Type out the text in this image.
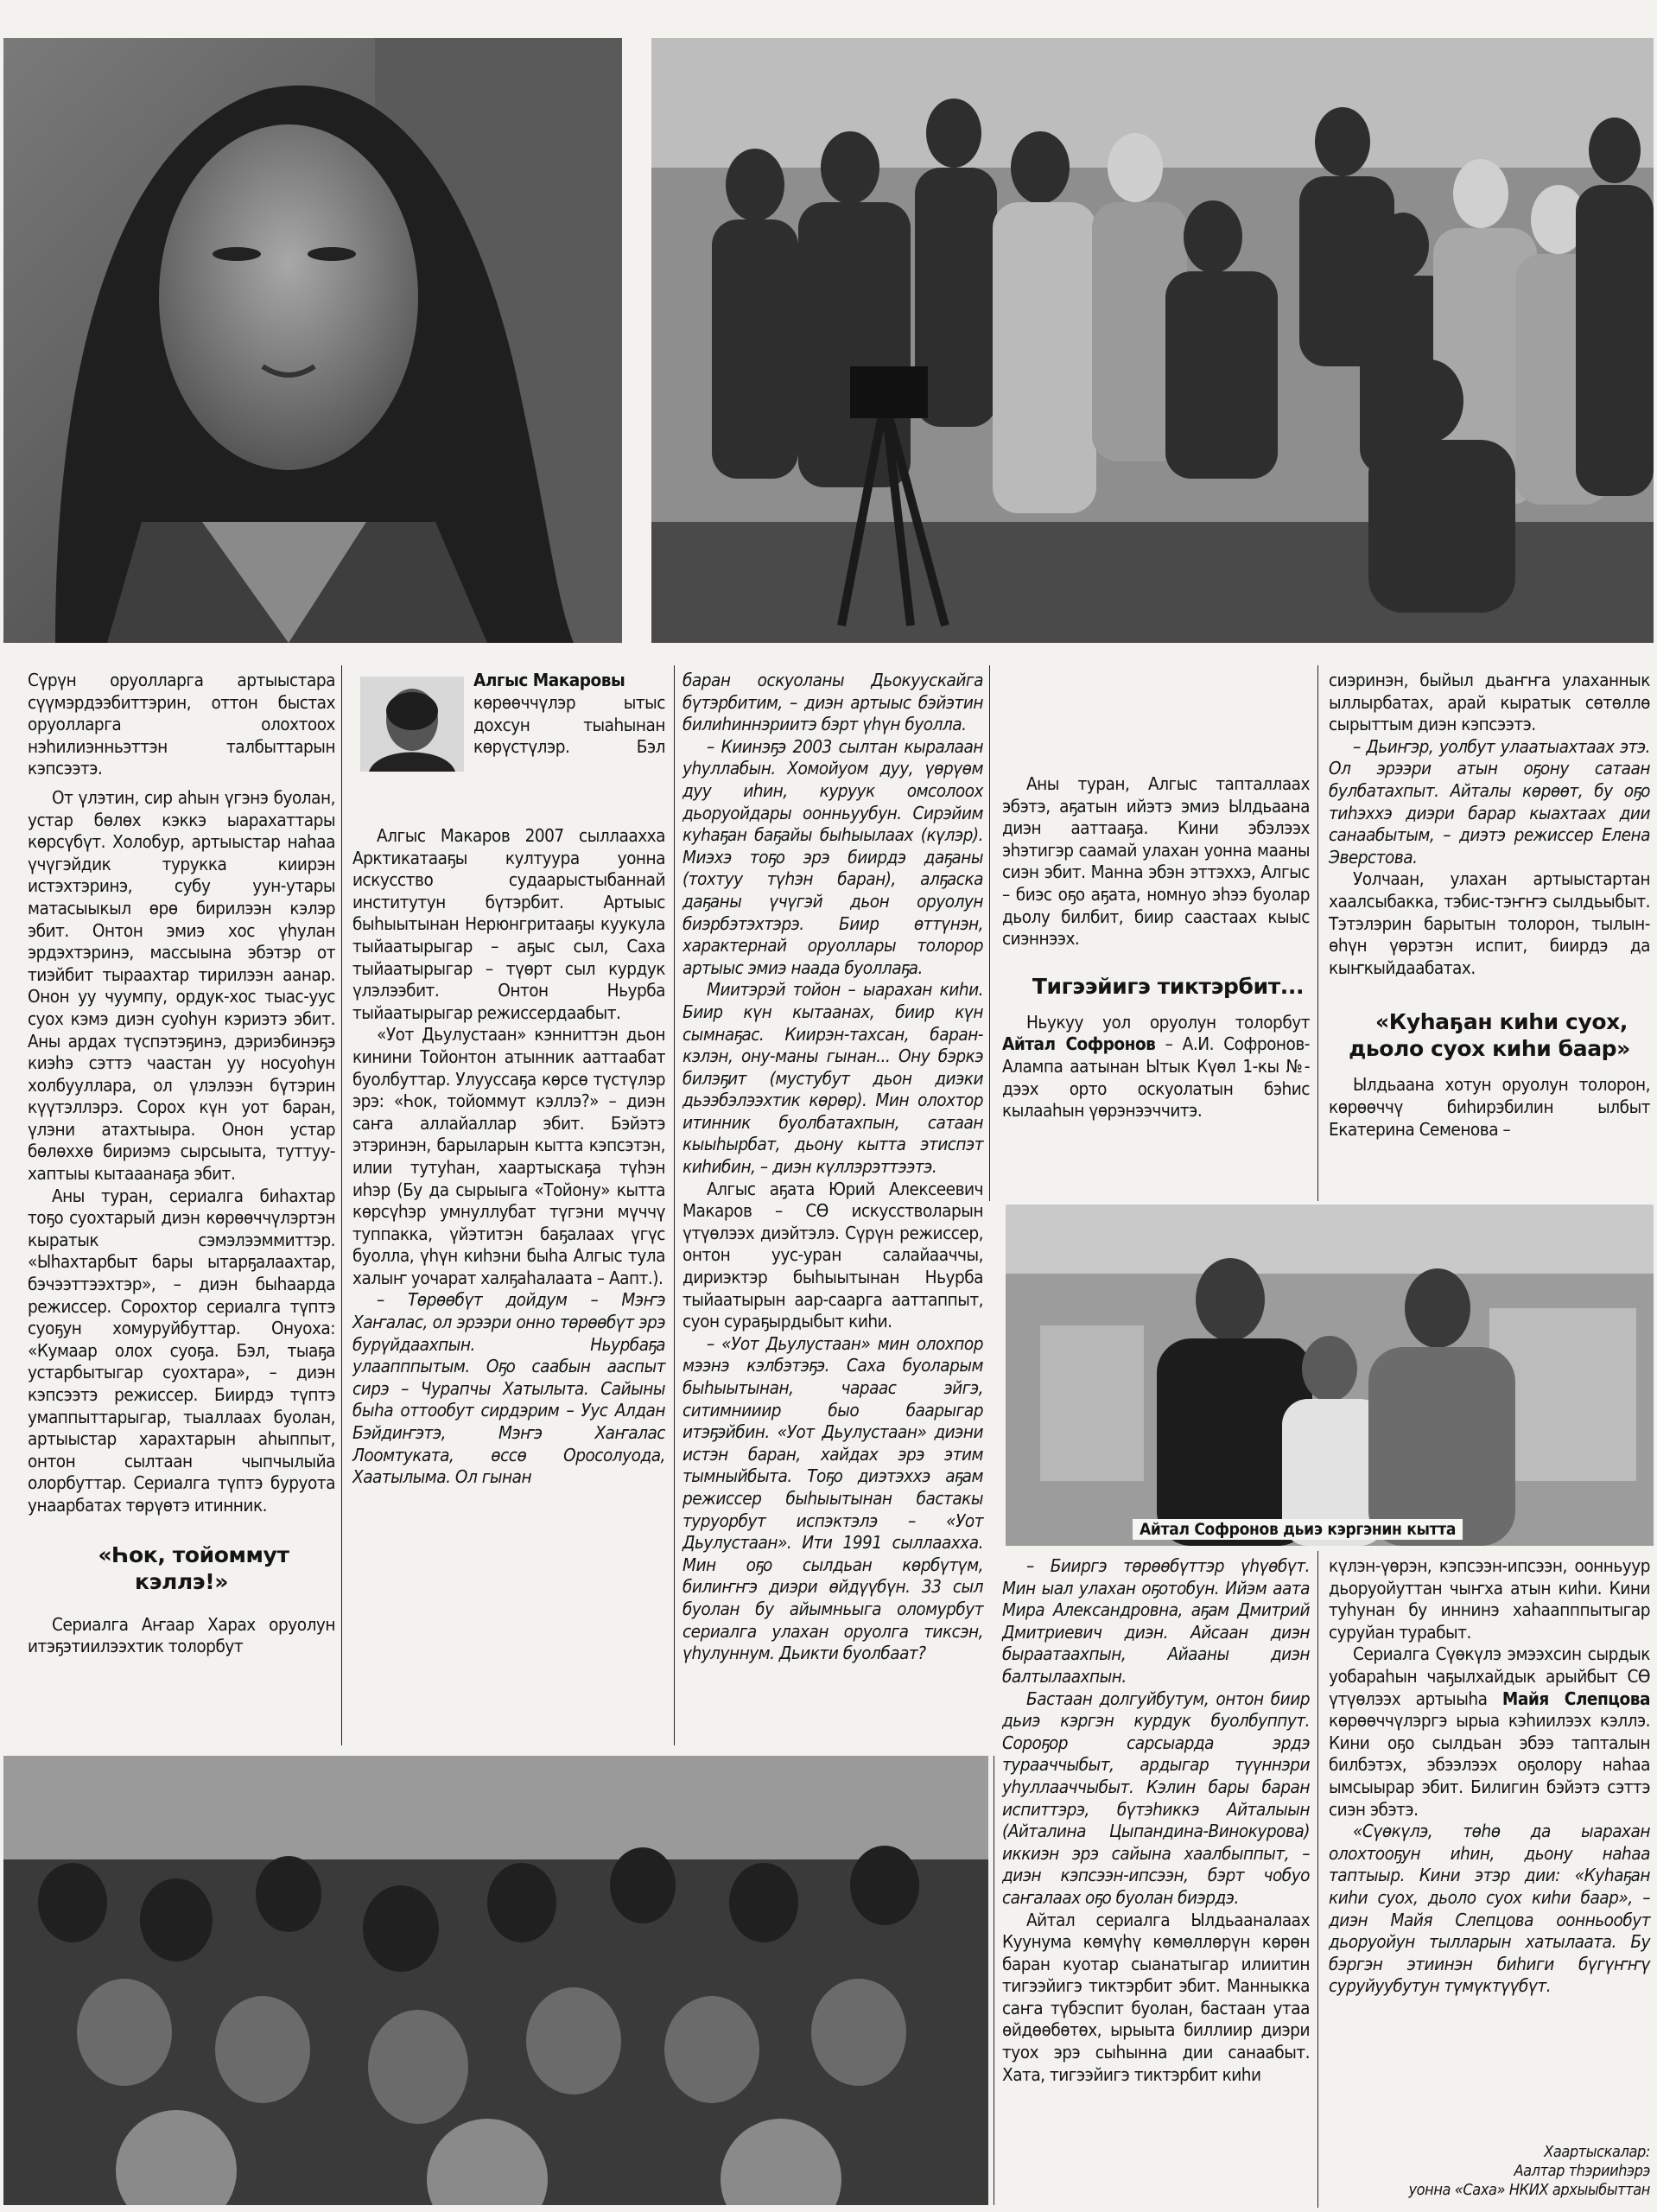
Айтал Софронов дьиэ кэргэнин кытта

Сүрүн оруолларга артыыстара сүүмэрдээбиттэрин, оттон быстах оруолларга олохтоох нэһилиэнньэттэн талбыттарын кэпсээтэ.

От үлэтин, сир аһын үгэнэ буолан, устар бөлөх кэккэ ыарахаттары көрсүбүт. Холобур, артыыстар наһаа үчүгэйдик турукка киирэн истэхтэринэ, субу уун-утары матасыыкыл өрө бирилээн кэлэр эбит. Онтон эмиэ хос үһулан эрдэхтэринэ, массыына эбэтэр от тиэйбит тыраахтар тирилээн аанар. Онон уу чуумпу, ордук-хос тыас-уус суох кэмэ диэн суоһун кэриэтэ эбит. Аны ардах түспэтэҕинэ, дэриэбинэҕэ киэһэ сэттэ чаастан уу носуоһун холбуулларa, ол үлэлээн бүтэрин күүтэллэрэ. Сорох күн уот баран, үлэни атахтыыра. Онон устар бөлөххө бириэмэ сырсыыта, туттуу-хаптыы кытааанаҕа эбит.

Аны туран, сериалга биһахтар тоҕо суохтарый диэн көрөөччүлэртэн кыратык сэмэлээммиттэр. «Ыһахтарбыт бары ытарҕалаахтар, бэчээттээхтэр», – диэн быһаарда режиссер. Сорохтор сериалга түптэ суоҕун хомуруйбуттар. Онуоха: «Кумаар олох суоҕа. Бэл, тыаҕа устарбытыгар суохтара», – диэн кэпсээтэ режиссер. Биирдэ түптэ умаппыттарыгар, тыаллаах буолан, артыыстар харахтарын аһыппыт, онтон сылтаан чыпчылыйа олорбуттар. Сериалга түптэ буруота унаарбатах төрүөтэ итинник.

«Һок, тойоммут кэллэ!»

Сериалга Аҥаар Харах оруолун итэҕэтиилээхтик толорбут

Алгыс Макаровы

көрөөччүлэр ытыс дохсун тыаһынан көрүстүлэр. Бэл

Алгыс Макаров 2007 сыллаахха Арктикатааҕы култуура уонна искусство судаарыстыбаннай институтун бүтэрбит. Артыыс быһыытынан Нерюнгритааҕы куукула тыйаатырыгар – аҕыс сыл, Саха тыйаатырыгар – түөрт сыл курдук үлэлээбит. Онтон Ньурба тыйаатырыгар режиссердаабыт.

«Уот Дьулустаан» кэнниттэн дьон кинини Тойонтон атынник ааттаабат буолбуттар. Улууссаҕа көрсө түстүлэр эрэ: «Һок, тойоммут кэллэ?» – диэн саҥа аллайаллар эбит. Бэйэтэ этэринэн, барыларын кытта кэпсэтэн, илии тутуһан, хаартыскаҕа түһэн иһэр (Бу да сырыыга «Тойону» кытта көрсүһэр умнуллубат түгэни мүччү туппакка, үйэтитэн баҕалаах үгүс буолла, үһүн киһэни быһа Алгыс тула халыҥ уочарат халҕаһалаата – Аапт.).

– Төрөөбүт дойдум – Мэҥэ Хаҥалас, ол эрээри онно төрөөбүт эрэ бурүйдаахпын. Ньурбаҕа улаапппытым. Оҕо саабын ааспыт сирэ – Чурапчы Хатылыта. Сайыны быһа оттообут сирдэрим – Уус Алдан Бэйдиҥэтэ, Мэҥэ Хаҥалас Лоомтуката, өссө Оросолуода, Хаатылыма. Ол гынан

баран оскуоланы Дьокуускайга бүтэрбитим, – диэн артыыс бэйэтин билиһиннэриитэ бэрт үһүн буолла.

– Киинэҕэ 2003 сылтан кыралаан уһуллабын. Хомойуом дуу, үөрүөм дуу иһин, куруук омсолоох дьоруойдары оонньуубун. Сирэйим куһаҕан баҕайы быһыылаах (күлэр). Миэхэ тоҕо эрэ биирдэ даҕаны (тохтуу түһэн баран), алҕаска даҕаны үчүгэй дьон оруолун биэрбэтэхтэрэ. Биир өттүнэн, характернай оруоллары толорор артыыс эмиэ наада буоллаҕа.

Миитэрэй тойон – ыарахан киһи. Биир күн кытаанах, биир күн сымнаҕас. Киирэн-тахсан, баран-кэлэн, ону-маны гынан... Ону бэркэ билэҕит (мустубут дьон диэки дьээбэлээхтик көрөр). Мин олохтор итинник буолбатахпын, сатаан кыыһырбат, дьону кыттa этиспэт киһибин, – диэн күллэрэттээтэ.

Алгыс аҕата Юрий Алексеевич Макаров – СӨ искусстволарын үтүөлээх диэйтэлэ. Сүрүн режиссер, онтон уус-уран салайааччы, дириэктэр быһыытынан Ньурба тыйаатырын аар-саарга ааттаппыт, суон сураҕырдыбыт киһи.

– «Уот Дьулустаан» мин олохпор мээнэ кэлбэтэҕэ. Саха буоларым быһыытынан, чараас эйгэ, ситимнииир быо баарыгар итэҕэйбин. «Уот Дьулустаан» диэни истэн баран, хайдах эрэ этим тымныйбыта. Тоҕо диэтэххэ аҕам режиссер быһыытынан бастакы туруорбут испэктэлэ – «Уот Дьулустаан». Ити 1991 сыллаахха. Мин оҕо сылдьан көрбүтүм, билиҥҥэ диэри өйдүүбүн. 33 сыл буолан бу айымньыга оломурбут сериалга улахан оруолга тиксэн, үһулуннум. Дьикти буолбаат?

Аны туран, Алгыс тапталлаах эбэтэ, аҕатын ийэтэ эмиэ Ылдьаана диэн ааттааҕа. Кини эбэлээх эһэтигэр саамай улахан уонна мааны сиэн эбит. Манна эбэн эттэххэ, Алгыс – биэс оҕо аҕата, номнуо эһээ буолар дьолу билбит, биир саастаах кыыс сиэннээх.

Тигээйигэ тиктэрбит...

Ньукуу уол оруолун толорбут Айтал Софронов – А.И. Софронов-Алампа аатынан Ытык Күөл 1-кы №-дээх орто оскуолатын бэһис кылааһын үөрэнээччитэ.

сиэринэн, быйыл дьаҥҥа улаханнык ыллырбатах, арай кыратык сөтөллө сырыттым диэн кэпсээтэ.

– Дьиҥэр, уолбут улаатыахтаах этэ. Ол эрээри атын оҕону сатаан булбатахпыт. Айталы көрөөт, бу оҕо тиһэххэ диэри барар кыахтаах дии санаабытым, – диэтэ режиссер Елена Эверстова.

Уолчаан, улахан артыыстартан хаалсыбакка, тэбис-тэҥҥэ сылдьыбыт. Тэтэлэрин барытын толорон, тылын-өһүн үөрэтэн испит, биирдэ да кыҥкыйдаабатах.

«Куһаҕан киһи суох, дьоло суох киһи баар»

Ылдьаана хотун оруолун толорон, көрөөччү биһирэбилин ылбыт Екатерина Семенова –

– Бииргэ төрөөбүттэр үһүөбүт. Мин ыал улахан оҕотобун. Ийэм аата Мира Александровна, аҕам Дмитрий Дмитриевич диэн. Айсаан диэн быраатаахпын, Айааны диэн балтылаахпын.

Бастаан долгуйбутум, онтон биир дьиэ кэргэн курдук буолбуппут. Сороҕор сарсыарда эрдэ турааччыбыт, ардыгар түүннэри уһуллааччыбыт. Кэлин бары баран испиттэрэ, бүтэһиккэ Айталыын (Айталина Цыпандина-Винокурова) иккиэн эрэ сайына хаалбыппыт, – диэн кэпсээн-ипсээн, бэрт чобуо саҥалаах оҕо буолан биэрдэ.

Айтал сериалга Ылдьааналаах Куунума көмүһү көмөллөрүн көрөн баран куотар сыанатыгар илиитин тигээйигэ тиктэрбит эбит. Манныкка саҥа түбэспит буолан, бастаан утаа өйдөөбөтөх, ырыыта биллиир диэри туох эрэ сыһынна дии санаабыт. Хата, тигээйигэ тиктэрбит киһи

күлэн-үөрэн, кэпсээн-ипсээн, оонньуур дьоруойуттан чыҥха атын киһи. Кини туһунан бу иннинэ хаһаапппытыгар суруйан турабыт.

Сериалга Сүөкүлэ эмээхсин сырдык уобарaһын чаҕылхайдык арыйбыт СӨ үтүөлээх артыыһа Майя Слепцова көрөөччүлэргэ ырыа кэһиилээх кэллэ. Кини оҕо сылдьан эбээ тапталын билбэтэх, эбээлээх оҕолору наһаа ымсыырар эбит. Билигин бэйэтэ сэттэ сиэн эбэтэ.

«Сүөкүлэ, төһө да ыарахан олохтооҕун иһин, дьону наһаа таптыыр. Кини этэр дии: «Куһаҕан киһи суох, дьоло суох киһи баар», – диэн Майя Слепцова оонньообут дьоруойун тылларын хатылаата. Бу бэргэн этиинэн биһиги бүгүҥҥү суруйуубутун түмүктүүбүт.

Хаартыскалар:
Аалтар тһэрииһэрэ
уонна «Саха» НКИХ архыыбыттан
